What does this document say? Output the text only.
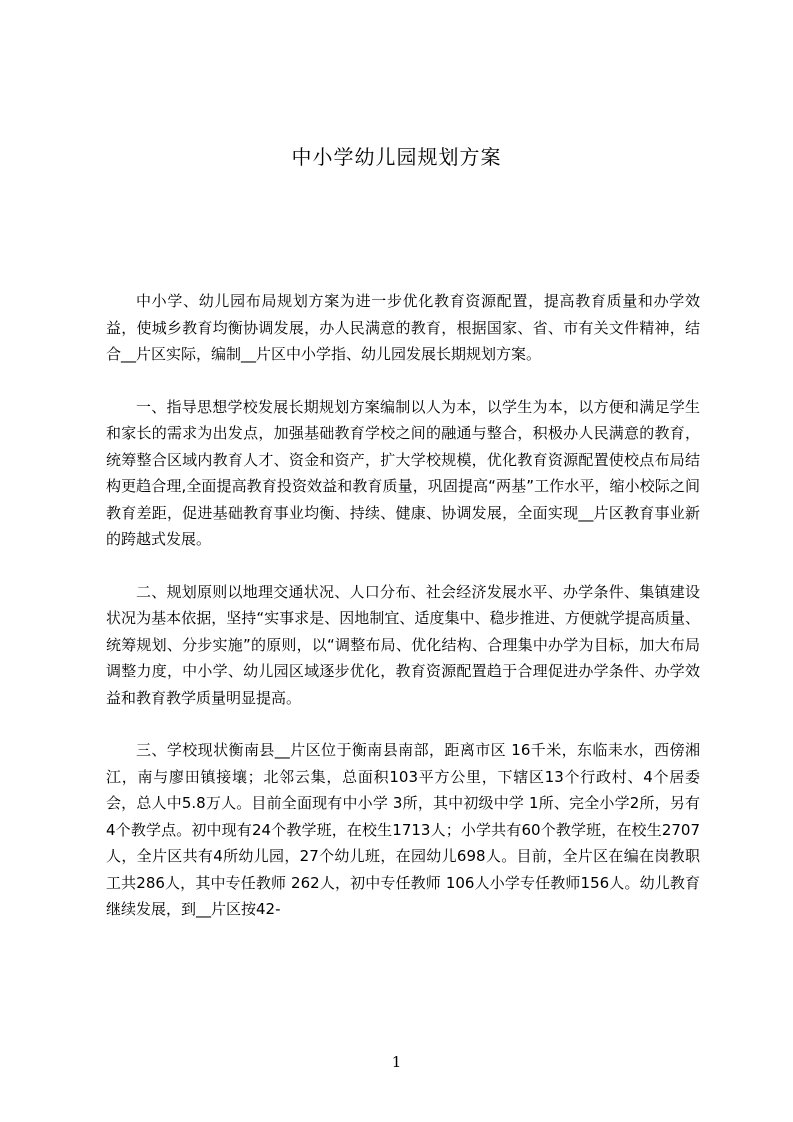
中小学幼儿园规划方案

中小学、幼儿园布局规划方案为进一步优化教育资源配置，提高教育质量和办学效益，使城乡教育均衡协调发展，办人民满意的教育，根据国家、省、市有关文件精神，结合__片区实际，编制__片区中小学指、幼儿园发展长期规划方案。

一、指导思想学校发展长期规划方案编制以人为本，以学生为本，以方便和满足学生和家长的需求为出发点，加强基础教育学校之间的融通与整合，积极办人民满意的教育，统筹整合区域内教育人才、资金和资产，扩大学校规模，优化教育资源配置使校点布局结构更趋合理,全面提高教育投资效益和教育质量，巩固提高“两基”工作水平，缩小校际之间教育差距，促进基础教育事业均衡、持续、健康、协调发展，全面实现__片区教育事业新的跨越式发展。

二、规划原则以地理交通状况、人口分布、社会经济发展水平、办学条件、集镇建设状况为基本依据，坚持“实事求是、因地制宜、适度集中、稳步推进、方便就学提高质量、统筹规划、分步实施”的原则，以“调整布局、优化结构、合理集中办学为目标，加大布局调整力度，中小学、幼儿园区域逐步优化，教育资源配置趋于合理促进办学条件、办学效益和教育教学质量明显提高。

三、学校现状衡南县__片区位于衡南县南部，距离市区 16千米，东临耒水，西傍湘江，南与廖田镇接壤；北邻云集，总面积103平方公里，下辖区13个行政村、4个居委会，总人中5.8万人。目前全面现有中小学 3所，其中初级中学 1所、完全小学2所，另有4个教学点。初中现有24个教学班，在校生1713人；小学共有60个教学班，在校生2707人，全片区共有4所幼儿园，27个幼儿班，在园幼儿698人。目前，全片区在编在岗教职工共286人，其中专任教师 262人，初中专任教师 106人小学专任教师156人。幼儿教育继续发展，到__片区按42-

1
